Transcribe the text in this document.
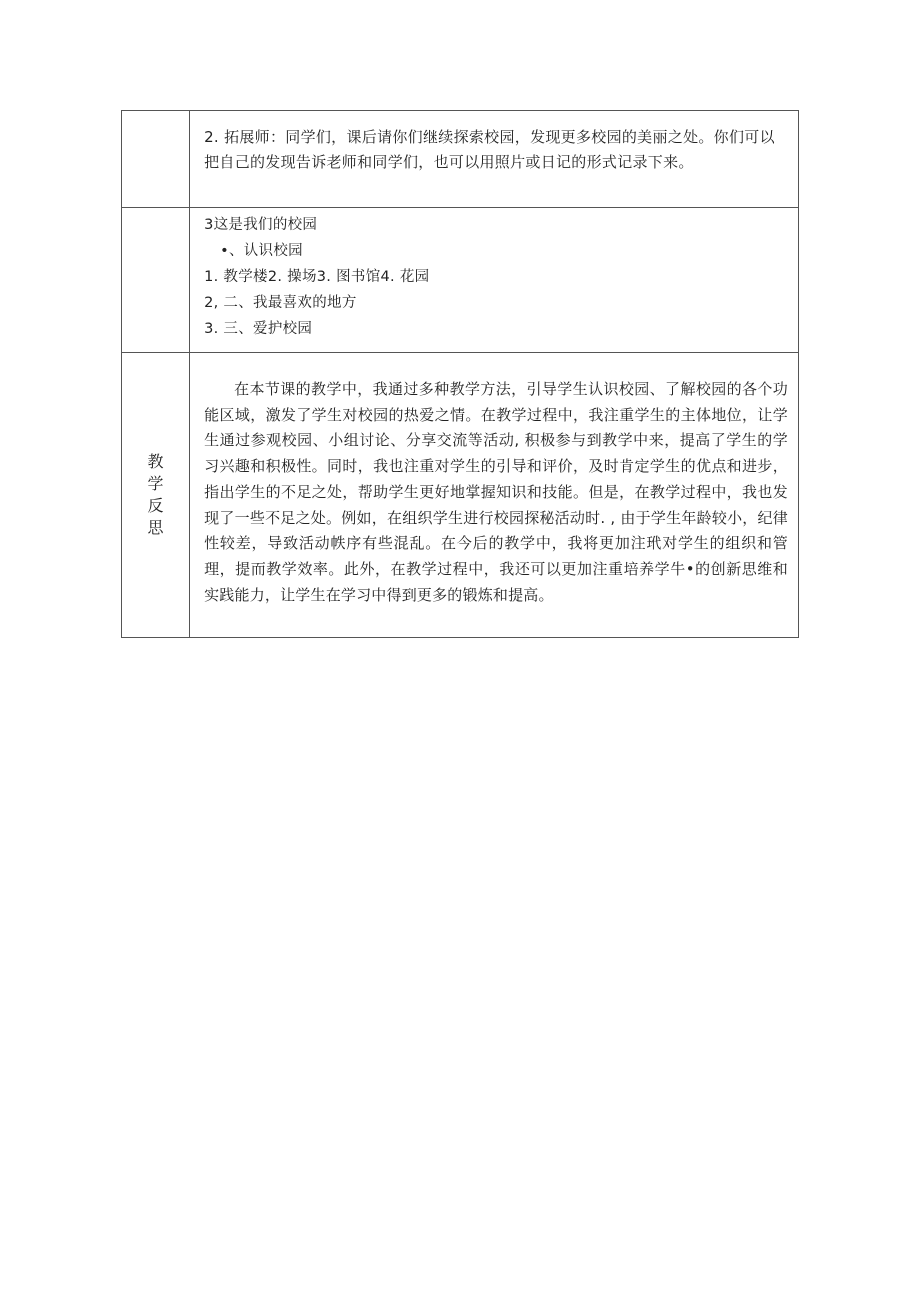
	2. 拓展师：同学们，课后请你们继续探索校园，发现更多校园的美丽之处。你们可以把自己的发现告诉老师和同学们，也可以用照片或日记的形式记录下来。

	3这是我们的校园
•、认识校园
1. 教学楼2. 操场3. 图书馆4. 花园
2, 二、我最喜欢的地方
3. 三、爱护校园

教学反思	在本节课的教学中，我通过多种教学方法，引导学生认识校园、了解校园的各个功能区域，激发了学生对校园的热爱之情。在教学过程中，我注重学生的主体地位，让学生通过参观校园、小组讨论、分享交流等活动, 积极参与到教学中来，提高了学生的学习兴趣和积极性。同时，我也注重对学生的引导和评价，及时肯定学生的优点和进步，指出学生的不足之处，帮助学生更好地掌握知识和技能。但是，在教学过程中，我也发现了一些不足之处。例如，在组织学生进行校园探秘活动时. , 由于学生年龄较小，纪律性较差，导致活动帙序有些混乱。在今后的教学中，我将更加注玳对学生的组织和管理，提而教学效率。此外，在教学过程中，我还可以更加注重培养学牛•的创新思维和实践能力，让学生在学习中得到更多的锻炼和提高。
